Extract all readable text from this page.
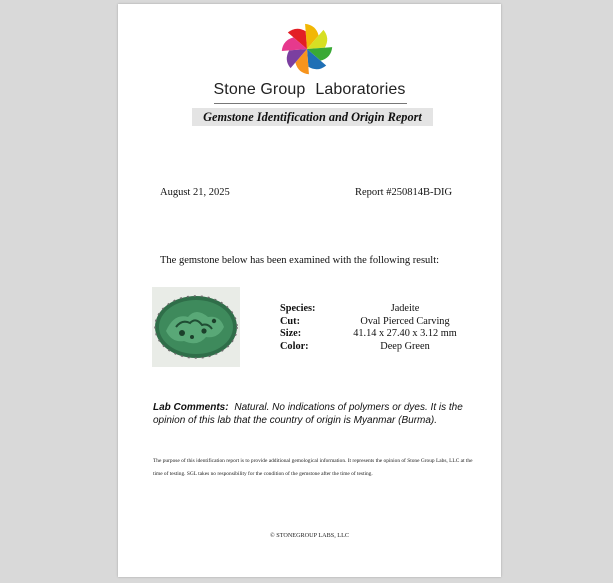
Stone Group Laboratories
Gemstone Identification and Origin Report
August 21, 2025	Report #250814B-DIG
The gemstone below has been examined with the following result:
Species:	Jadeite
Cut:	Oval Pierced Carving
Size:	41.14 x 27.40 x 3.12 mm
Color:	Deep Green
Lab Comments: Natural. No indications of polymers or dyes. It is the opinion of this lab that the country of origin is Myanmar (Burma).
The purpose of this identification report is to provide additional gemological information. It represents the opinion of Stone Group Labs, LLC at the time of testing. SGL takes no responsibility for the condition of the gemstone after the time of testing.
© STONEGROUP LABS, LLC
